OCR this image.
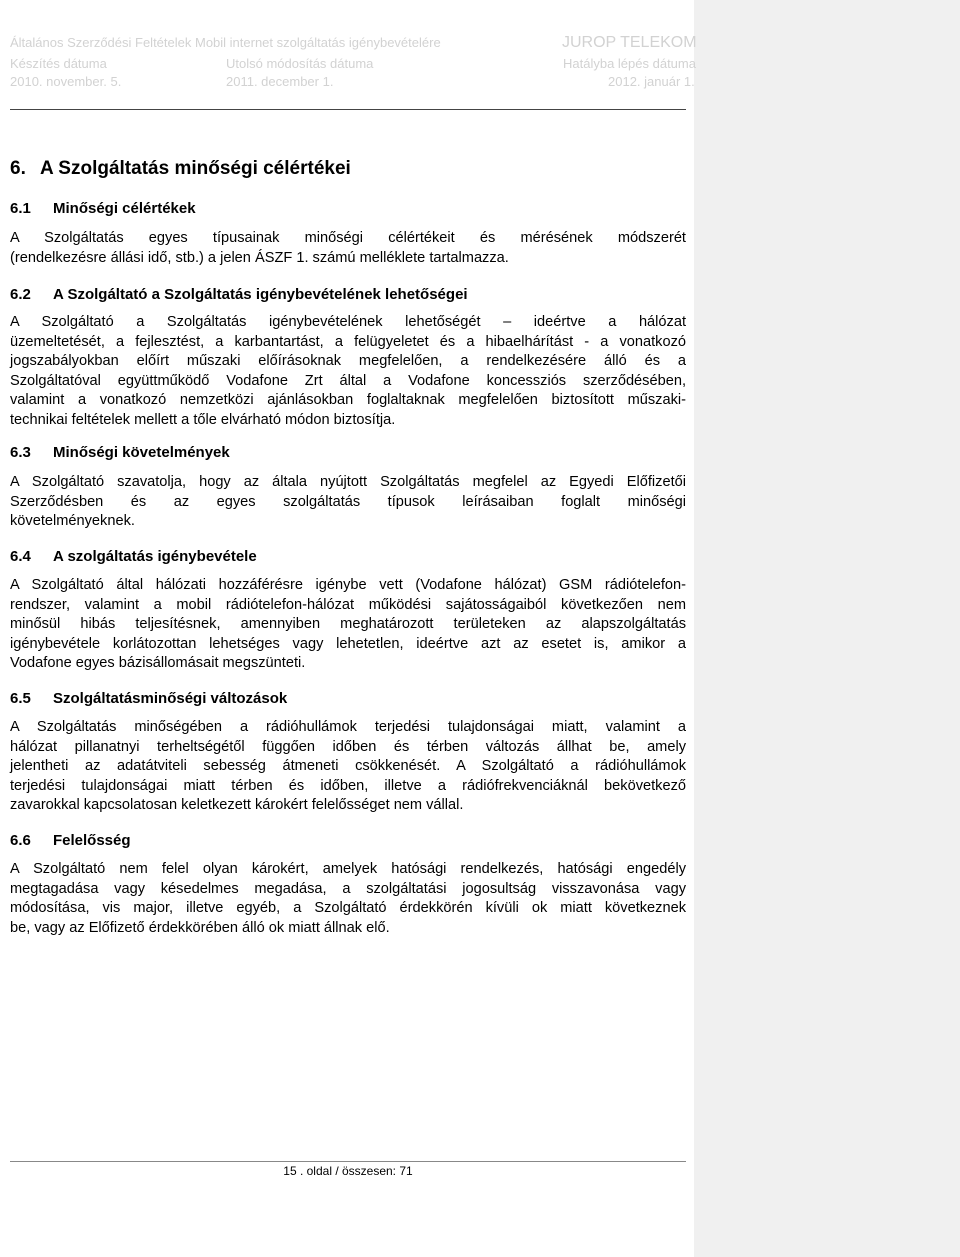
Általános Szerződési Feltételek Mobil internet szolgáltatás igénybevételére	JUROP TELEKOM
Készítés dátuma	Utolsó módosítás dátuma	Hatályba lépés dátuma
2010. november. 5.	2011. december 1.	2012. január 1.
6. A Szolgáltatás minőségi célértékei
6.1 Minőségi célértékek
A Szolgáltatás egyes típusainak minőségi célértékeit és mérésének módszerét
(rendelkezésre állási idő, stb.) a jelen ÁSZF 1. számú melléklete tartalmazza.
6.2 A Szolgáltató a Szolgáltatás igénybevételének lehetőségei
A Szolgáltató a Szolgáltatás igénybevételének lehetőségét – ideértve a hálózat
üzemeltetését, a fejlesztést, a karbantartást, a felügyeletet és a hibaelhárítást - a vonatkozó
jogszabályokban előírt műszaki előírásoknak megfelelően, a rendelkezésére álló és a
Szolgáltatóval együttműködő Vodafone Zrt által a Vodafone koncessziós szerződésében,
valamint a vonatkozó nemzetközi ajánlásokban foglaltaknak megfelelően biztosított műszaki-
technikai feltételek mellett a tőle elvárható módon biztosítja.
6.3 Minőségi követelmények
A Szolgáltató szavatolja, hogy az általa nyújtott Szolgáltatás megfelel az Egyedi Előfizetői
Szerződésben és az egyes szolgáltatás típusok leírásaiban foglalt minőségi
követelményeknek.
6.4 A szolgáltatás igénybevétele
A Szolgáltató által hálózati hozzáférésre igénybe vett (Vodafone hálózat) GSM rádiótelefon-
rendszer, valamint a mobil rádiótelefon-hálózat működési sajátosságaiból következően nem
minősül hibás teljesítésnek, amennyiben meghatározott területeken az alapszolgáltatás
igénybevétele korlátozottan lehetséges vagy lehetetlen, ideértve azt az esetet is, amikor a
Vodafone egyes bázisállomásait megszünteti.
6.5 Szolgáltatásminőségi változások
A Szolgáltatás minőségében a rádióhullámok terjedési tulajdonságai miatt, valamint a
hálózat pillanatnyi terheltségétől függően időben és térben változás állhat be, amely
jelentheti az adatátviteli sebesség átmeneti csökkenését. A Szolgáltató a rádióhullámok
terjedési tulajdonságai miatt térben és időben, illetve a rádiófrekvenciáknál bekövetkező
zavarokkal kapcsolatosan keletkezett károkért felelősséget nem vállal.
6.6 Felelősség
A Szolgáltató nem felel olyan károkért, amelyek hatósági rendelkezés, hatósági engedély
megtagadása vagy késedelmes megadása, a szolgáltatási jogosultság visszavonása vagy
módosítása, vis major, illetve egyéb, a Szolgáltató érdekkörén kívüli ok miatt következnek
be, vagy az Előfizető érdekkörében álló ok miatt állnak elő.
15 . oldal / összesen: 71
